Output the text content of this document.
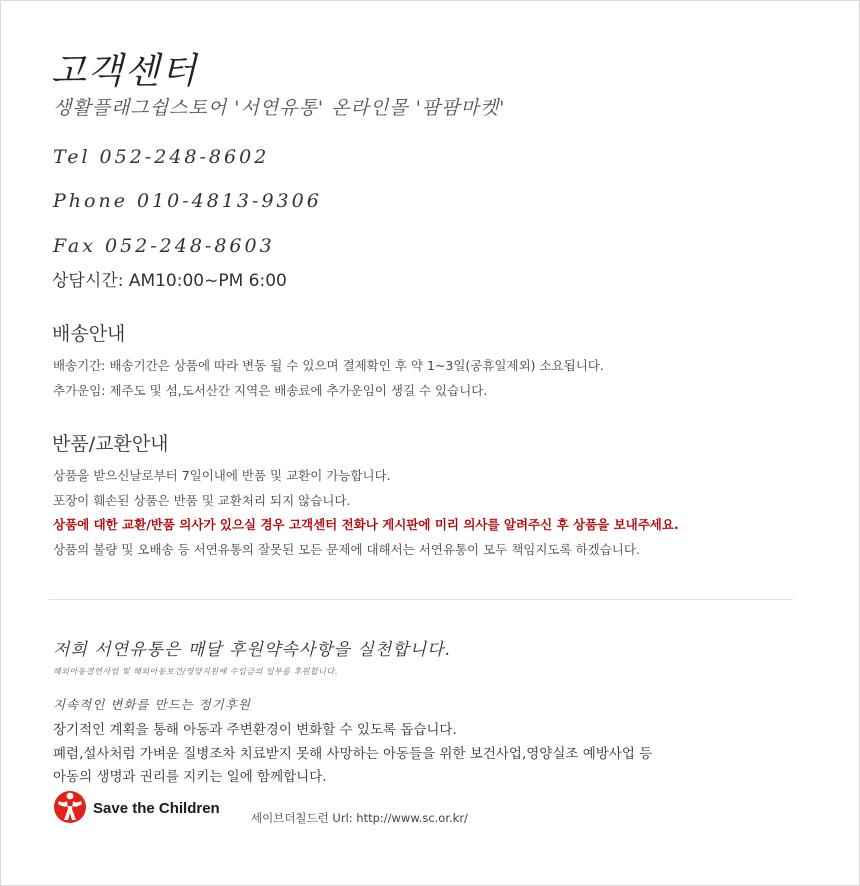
고객센터
생활플래그쉽스토어 '서연유통' 온라인몰 '팜팜마켓'
Tel 052-248-8602
Phone 010-4813-9306
Fax 052-248-8603
상담시간: AM10:00~PM 6:00
배송안내
배송기간: 배송기간은 상품에 따라 변동 될 수 있으며 결제확인 후 약 1~3일(공휴일제외) 소요됩니다.
추가운임: 제주도 및 섬,도서산간 지역은 배송료에 추가운임이 생길 수 있습니다.
반품/교환안내
상품을 받으신날로부터 7일이내에 반품 및 교환이 가능합니다.
포장이 훼손된 상품은 반품 및 교환처리 되지 않습니다.
상품에 대한 교환/반품 의사가 있으실 경우 고객센터 전화나 게시판에 미리 의사를 알려주신 후 상품을 보내주세요.
상품의 불량 및 오배송 등 서연유통의 잘못된 모든 문제에 대해서는 서연유통이 모두 책임지도록 하겠습니다.
저희 서연유통은 매달 후원약속사항을 실천합니다.
해외아동결연사업 및 해외아동보건/영양지원에 수입금의 일부를 후원합니다.
지속적인 변화를 만드는 정기후원
장기적인 계획을 통해 아동과 주변환경이 변화할 수 있도록 돕습니다.
폐렴,설사처럼 가벼운 질병조차 치료받지 못해 사망하는 아동들을 위한 보건사업,영양실조 예방사업 등
아동의 생명과 권리를 지키는 일에 함께합니다.
Save the Children
세이브더칠드런 Url: http://www.sc.or.kr/
